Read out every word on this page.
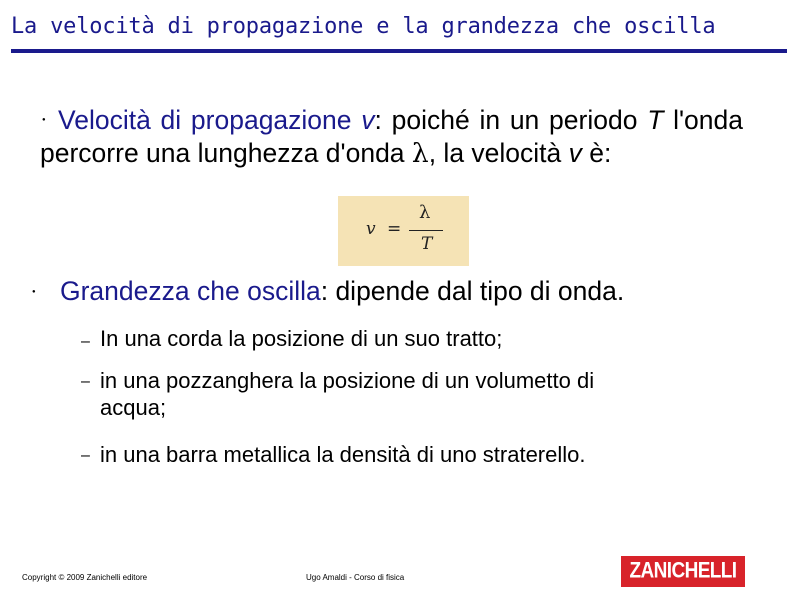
La velocità di propagazione e la grandezza che oscilla
● Velocità di propagazione v: poiché in un periodo T l'onda percorre una lunghezza d'onda λ, la velocità v è:
v =
λ
T
● Grandezza che oscilla: dipende dal tipo di onda.
– In una corda la posizione di un suo tratto;
– in una pozzanghera la posizione di un volumetto di
acqua;
– in una barra metallica la densità di uno straterello.
Copyright © 2009 Zanichelli editore	Ugo Amaldi - Corso di fisica	ZANICHELLI
